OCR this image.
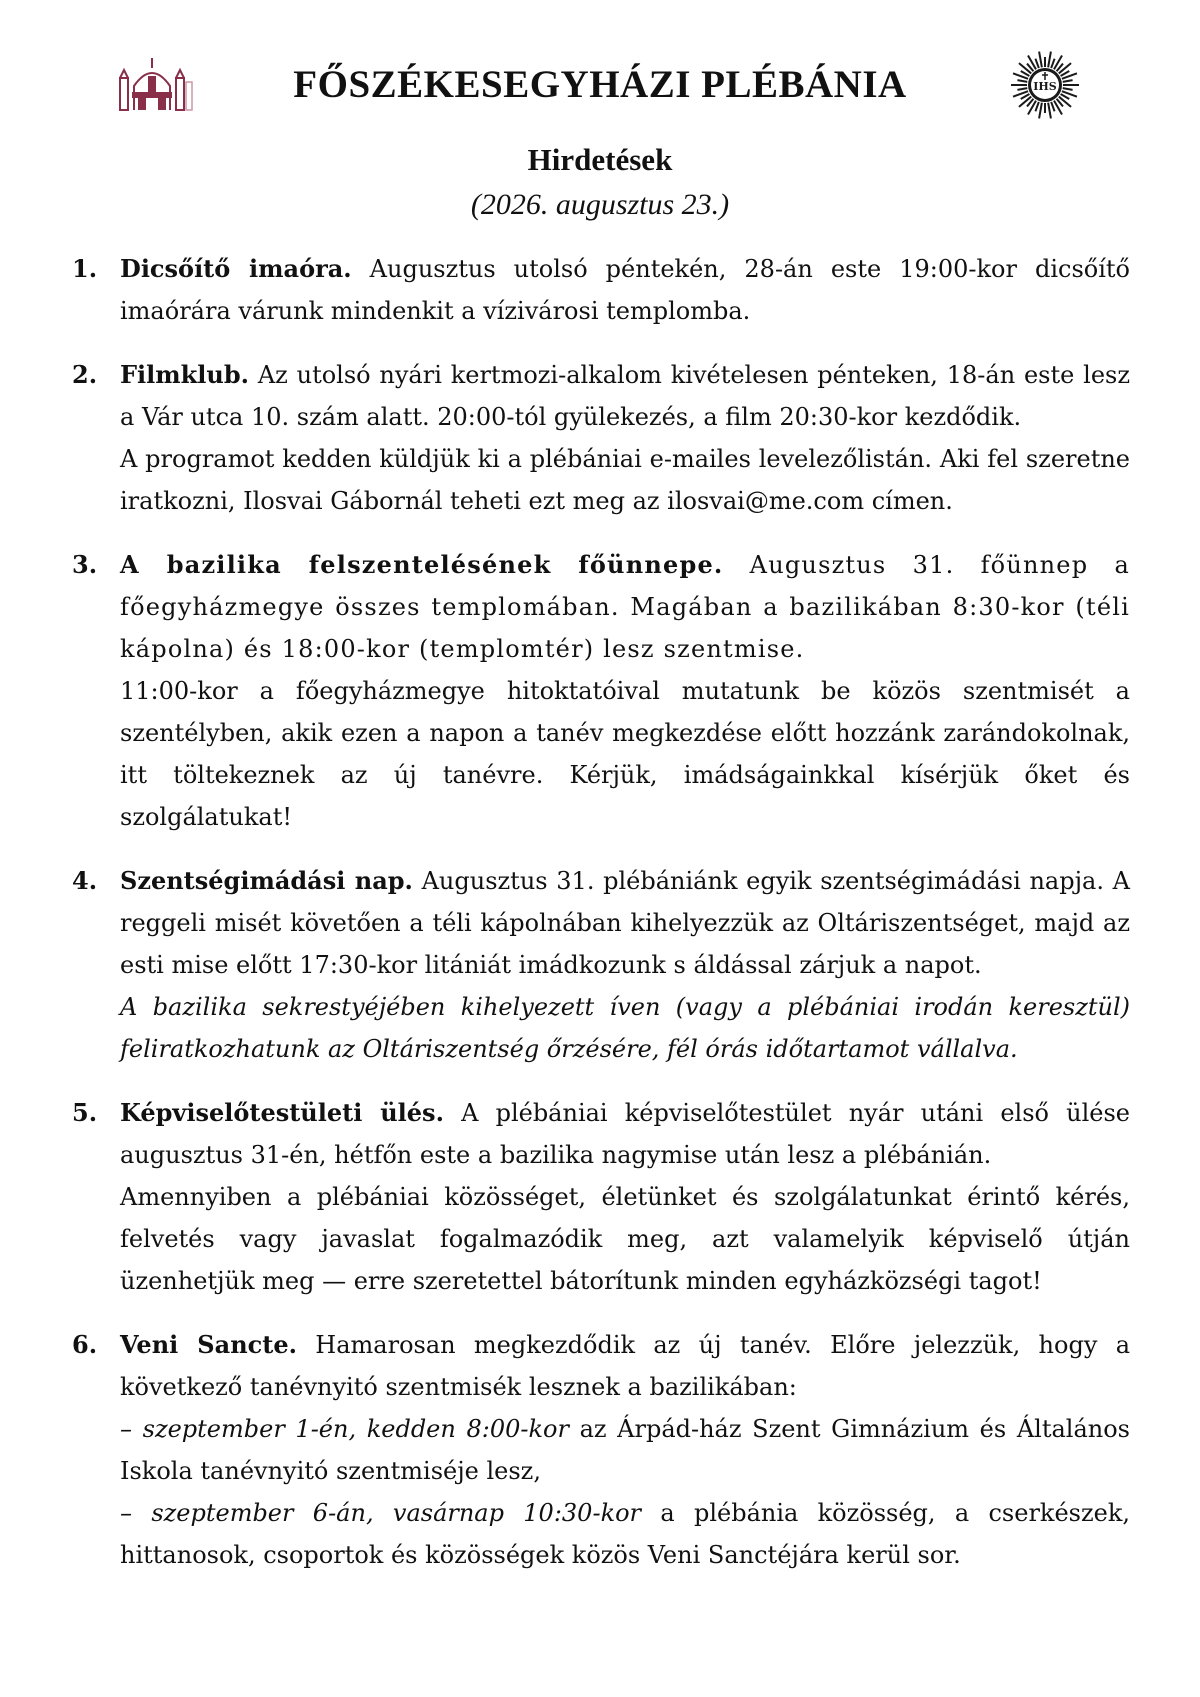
FŐSZÉKESEGYHÁZI PLÉBÁNIA	IHS
Hirdetések

(2026. augusztus 23.)

1. Dicsőítő imaóra. Augusztus utolsó péntekén, 28-án este 19:00-kor dicsőítő imaórára várunk mindenkit a vízivárosi templomba.

2. Filmklub. Az utolsó nyári kertmozi-alkalom kivételesen pénteken, 18-án este lesz a Vár utca 10. szám alatt. 20:00-tól gyülekezés, a film 20:30-kor kezdődik.

A programot kedden küldjük ki a plébániai e-mailes levelezőlistán. Aki fel szeretne iratkozni, Ilosvai Gábornál teheti ezt meg az ilosvai@me.com címen.

3. A bazilika felszentelésének főünnepe. Augusztus 31. főünnep a főegyházmegye összes templomában. Magában a bazilikában 8:30-kor (téli kápolna) és 18:00-kor (templomtér) lesz szentmise.

11:00-kor a főegyházmegye hitoktatóival mutatunk be közös szentmisét a szentélyben, akik ezen a napon a tanév megkezdése előtt hozzánk zarándokolnak, itt töltekeznek az új tanévre. Kérjük, imádságainkkal kísérjük őket és szolgálatukat!

4. Szentségimádási nap. Augusztus 31. plébániánk egyik szentségimádási napja. A reggeli misét követően a téli kápolnában kihelyezzük az Oltáriszentséget, majd az esti mise előtt 17:30-kor litániát imádkozunk s áldással zárjuk a napot.

A bazilika sekrestyéjében kihelyezett íven (vagy a plébániai irodán keresztül) feliratkozhatunk az Oltáriszentség őrzésére, fél órás időtartamot vállalva.

5. Képviselőtestületi ülés. A plébániai képviselőtestület nyár utáni első ülése augusztus 31-én, hétfőn este a bazilika nagymise után lesz a plébánián.

Amennyiben a plébániai közösséget, életünket és szolgálatunkat érintő kérés, felvetés vagy javaslat fogalmazódik meg, azt valamelyik képviselő útján üzenhetjük meg — erre szeretettel bátorítunk minden egyházközségi tagot!

6. Veni Sancte. Hamarosan megkezdődik az új tanév. Előre jelezzük, hogy a következő tanévnyitó szentmisék lesznek a bazilikában:

– szeptember 1-én, kedden 8:00-kor az Árpád-ház Szent Gimnázium és Általános Iskola tanévnyitó szentmiséje lesz,

– szeptember 6-án, vasárnap 10:30-kor a plébánia közösség, a cserkészek, hittanosok, csoportok és közösségek közös Veni Sanctéjára kerül sor.
